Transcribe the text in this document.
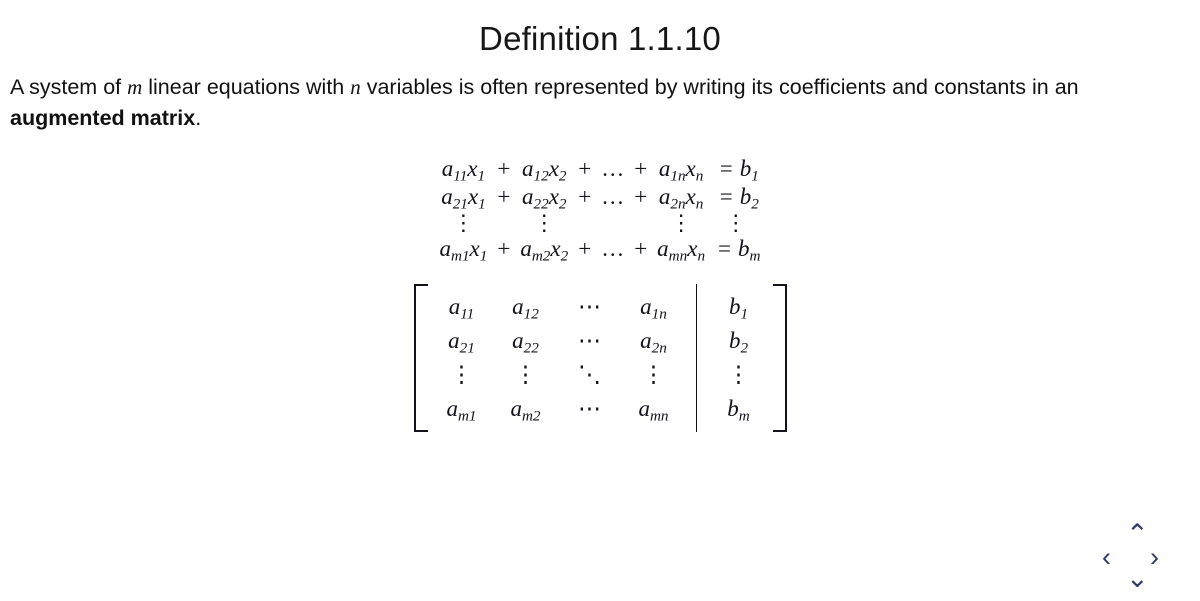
Definition 1.1.10

A system of m linear equations with n variables is often represented by writing its coefficients and constants in an augmented matrix.

$a_{11}x_1 + a_{12}x_2$ + … + $a_{1n}x_n = b_1$
$a_{21}x_1 + a_{22}x_2$ + … + $a_{2n}x_n = b_2$
⋮
⋮
⋮
⋮
$a_{m1}x_1 + a_{m2}x_2$ + … + $a_{mn}x_n = b_m$
$a_{11}$	$a_{12}$	⋯	$a_{1n}$	$b_1$
$a_{21}$	$a_{22}$	⋯	$a_{2n}$	$b_2$
⋮	⋮	⋱	⋮	⋮
$a_{m1}$	$a_{m2}$	⋯	$a_{mn}$	$b_m$
⌃
‹ ›
⌄
